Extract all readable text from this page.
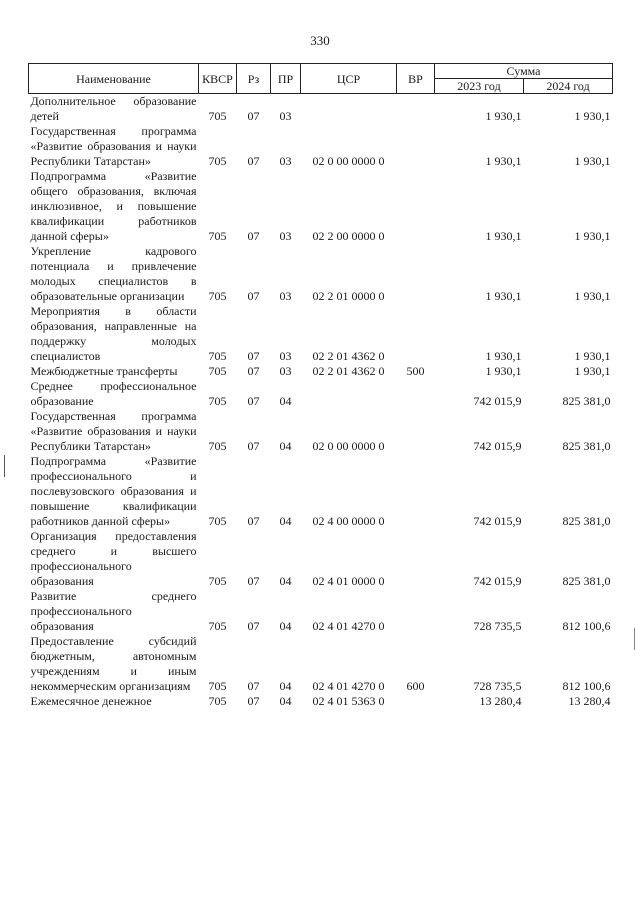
330
Наименование	КВСР	Рз	ПР	ЦСР	ВР	Сумма	
						2023 год	2024 год
Дополнительное образование детей	705	07	03			1 930,1	1 930,1
Государственная программа «Развитие образования и науки Республики Татарстан»	705	07	03	02 0 00 0000 0		1 930,1	1 930,1
Подпрограмма «Развитие общего образования, включая инклюзивное, и повышение квалификации работников данной сферы»	705	07	03	02 2 00 0000 0		1 930,1	1 930,1
Укрепление кадрового потенциала и привлечение молодых специалистов в образовательные организации	705	07	03	02 2 01 0000 0		1 930,1	1 930,1
Мероприятия в области образования, направленные на поддержку молодых специалистов	705	07	03	02 2 01 4362 0		1 930,1	1 930,1
Межбюджетные трансферты	705	07	03	02 2 01 4362 0	500	1 930,1	1 930,1
Среднее профессиональное образование	705	07	04			742 015,9	825 381,0
Государственная программа «Развитие образования и науки Республики Татарстан»	705	07	04	02 0 00 0000 0		742 015,9	825 381,0
Подпрограмма «Развитие профессионального и послевузовского образования и повышение квалификации работников данной сферы»	705	07	04	02 4 00 0000 0		742 015,9	825 381,0
Организация предоставления среднего и высшего профессионального образования	705	07	04	02 4 01 0000 0		742 015,9	825 381,0
Развитие среднего профессионального образования	705	07	04	02 4 01 4270 0		728 735,5	812 100,6
Предоставление субсидий бюджетным, автономным учреждениям и иным некоммерческим организациям	705	07	04	02 4 01 4270 0	600	728 735,5	812 100,6
Ежемесячное денежное	705	07	04	02 4 01 5363 0		13 280,4	13 280,4
